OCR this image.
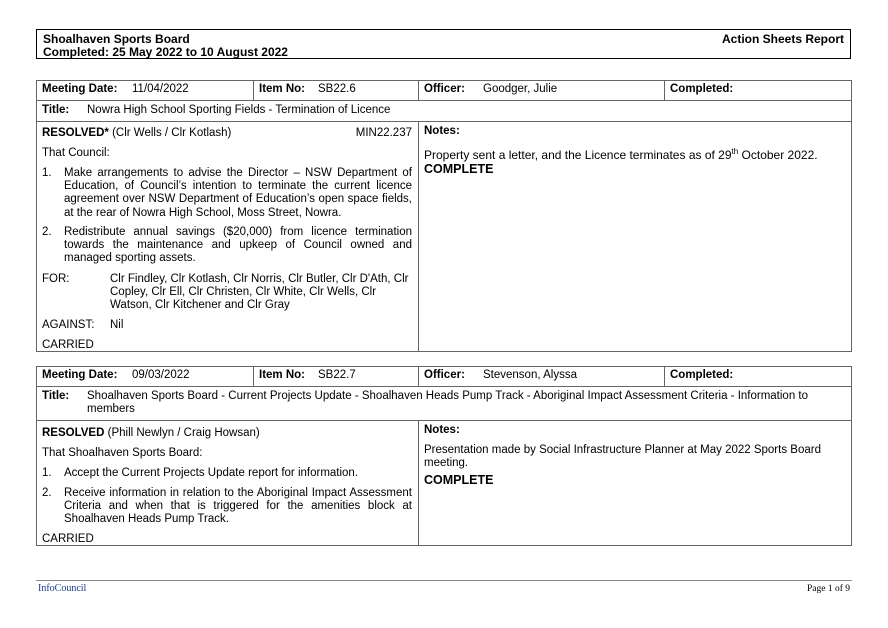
Shoalhaven Sports Board
Completed: 25 May 2022 to 10 August 2022
Action Sheets Report
Meeting Date: 11/04/2022	Item No: SB22.6	Officer: Goodger, Julie	Completed:
Title: Nowra High School Sporting Fields - Termination of Licence
RESOLVED* (Clr Wells / Clr Kotlash)	MIN22.237
That Council:
1. Make arrangements to advise the Director – NSW Department of Education, of Council’s intention to terminate the current licence agreement over NSW Department of Education’s open space fields, at the rear of Nowra High School, Moss Street, Nowra.
2. Redistribute annual savings ($20,000) from licence termination towards the maintenance and upkeep of Council owned and managed sporting assets.
FOR:	Clr Findley, Clr Kotlash, Clr Norris, Clr Butler, Clr D'Ath, Clr Copley, Clr Ell, Clr Christen, Clr White, Clr Wells, Clr Watson, Clr Kitchener and Clr Gray
AGAINST: Nil
CARRIED
Notes:
Property sent a letter, and the Licence terminates as of 29th October 2022.
COMPLETE
Meeting Date: 09/03/2022	Item No: SB22.7	Officer: Stevenson, Alyssa	Completed:
Title: Shoalhaven Sports Board - Current Projects Update - Shoalhaven Heads Pump Track - Aboriginal Impact Assessment Criteria - Information to members
RESOLVED (Phill Newlyn / Craig Howsan)
That Shoalhaven Sports Board:
1. Accept the Current Projects Update report for information.
2. Receive information in relation to the Aboriginal Impact Assessment Criteria and when that is triggered for the amenities block at Shoalhaven Heads Pump Track.
CARRIED
Notes:
Presentation made by Social Infrastructure Planner at May 2022 Sports Board meeting.
COMPLETE
InfoCouncil	Page 1 of 9
